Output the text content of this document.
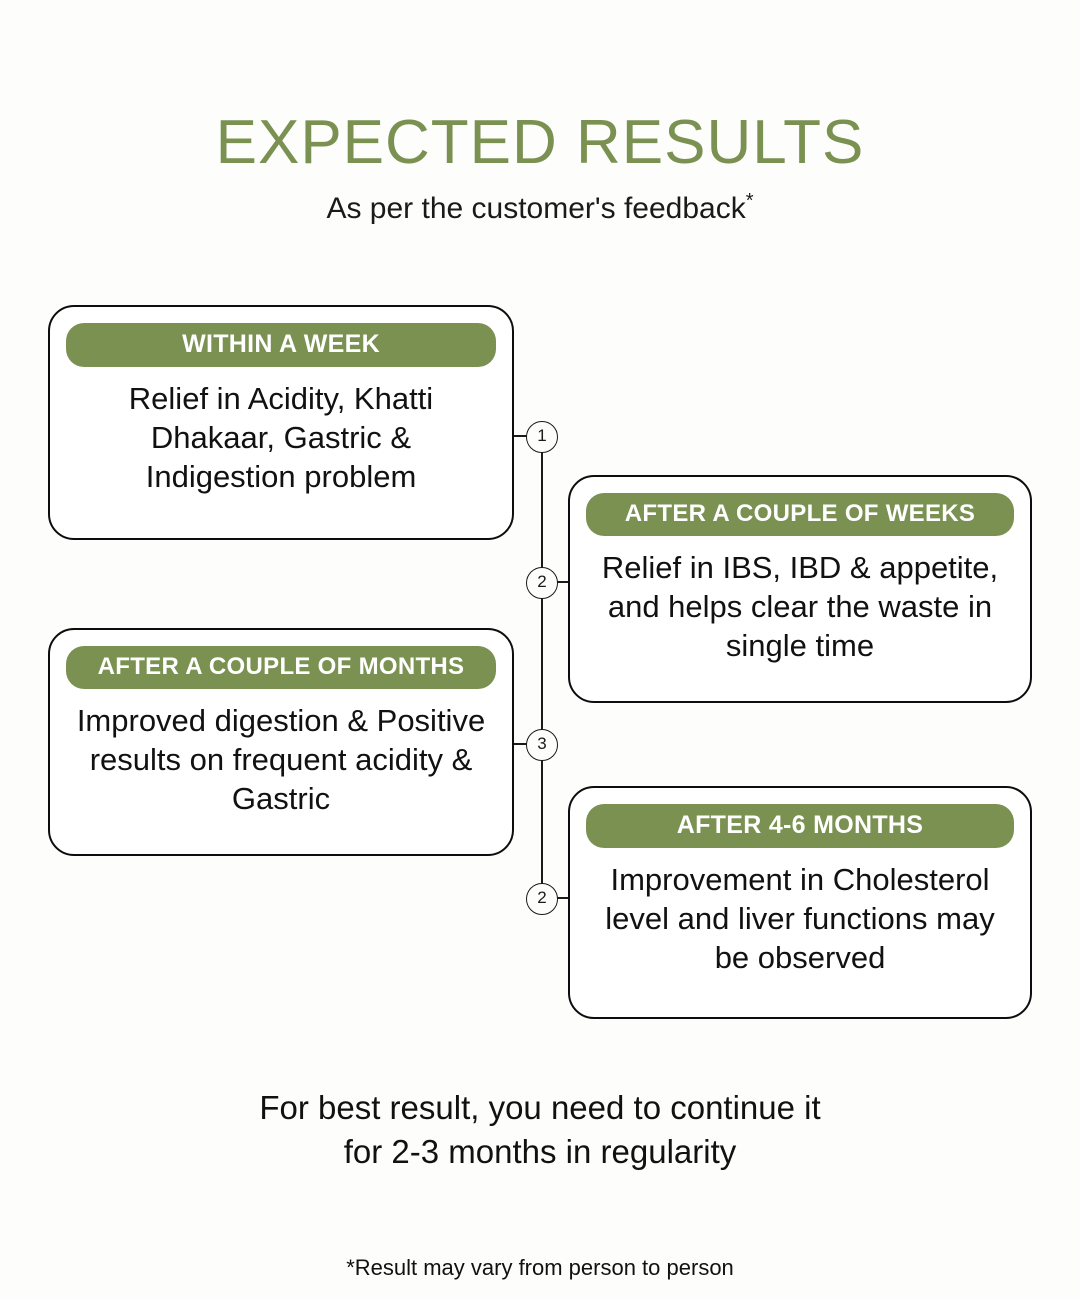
EXPECTED RESULTS
As per the customer's feedback*
1
2
3
2
WITHIN A WEEK
Relief in Acidity, Khatti Dhakaar, Gastric & Indigestion problem
AFTER A COUPLE OF WEEKS
Relief in IBS, IBD & appetite, and helps clear the waste in single time
AFTER A COUPLE OF MONTHS
Improved digestion & Positive results on frequent acidity & Gastric
AFTER 4-6 MONTHS
Improvement in Cholesterol level and liver functions may be observed
For best result, you need to continue it
for 2-3 months in regularity
*Result may vary from person to person
